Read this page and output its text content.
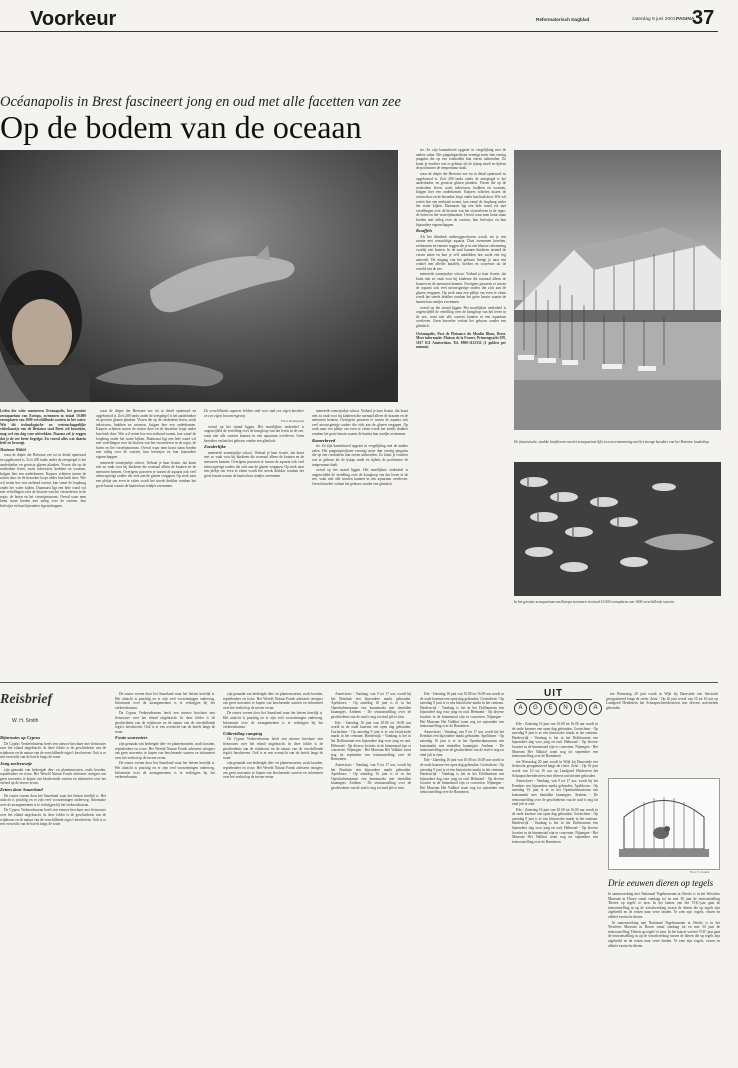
Voorkeur	Reformatorisch Dagblad	zaterdag 9 juni 2001 PAGINA
37
Océanapolis in Brest fascineert jong en oud met alle facetten van zee
Op de bodem van de oceaan

Leden der witte marmeren Océanapolis, het grootste zeeaquarium van Europa, zwemmen in totaal 10.000 exemplaren van 1000 verschillende soorten in het water. Wie dit technologische en wetenschappelijke visitekaartje van de Bretonse stad Brest wil bezoeken, mag wel een dag voor uittrekken. Daarna zal je zeggen dat je de zee beter begrijpt. En vooral alles wat daarin leeft en beweegt.

Marianne Witbiel

waar de diepte der Bretonse zee tot in detail opnieuwd en opgebouwd is. Zo'n 200 tanks onder de zeespiegel is het aardedonker en grootste glazen planken. Vissen die op de rotsbodem leven, zoals inktvissen, krabben en wormen, krijgen hier een onderkomen. Karpers schieten tussen de rotsen door en de bezoeker loopt onder hun buik door. Wie wil weten hoe een zeehond zwemt, kan vanaf de loopbrug onder het water kijken. Daarnaast ligt een hele wand vol met vertellingen over de historie van het vissersleven in de regio, de boten en het visserijmuseum. Overal waar men komt staan borden met uitleg over de soorten, hun leefwijze en hun bijzondere eigenschappen.

waar de diepte der Bretonse zee tot in detail opnieuwd en opgebouwd is. Zo'n 200 tanks onder de zeespiegel is het aardedonker en grootste glazen planken. Vissen die op de rotsbodem leven, zoals inktvissen, krabben en wormen, krijgen hier een onderkomen. Karpers schieten tussen de rotsen door en de bezoeker loopt onder hun buik door. Wie wil weten hoe een zeehond zwemt, kan vanaf de loopbrug onder het water kijken. Daarnaast ligt een hele wand vol met vertellingen over de historie van het vissersleven in de regio, de boten en het visserijmuseum. Overal waar men komt staan borden met uitleg over de soorten, hun leefwijze en hun bijzondere eigenschappen.

meneerde zomerjurkje schoot. Verbaal je haar fixatie, dat komt niet zo vaak voor bij kinderen die normaal alleen de kraaien en de meeuwen kennen. Overigens passeren er tussen de aquaria ook veel nieuwsgierige ouders die zich aan de glazen vergapen. Op zoek naar een plekje om even te zitten wordt het steeds drukker rondom het grote bassin waarin de haaien hun rondjes zwemmen.

De verschillende aquaria hebben stuk voor stuk een eigen karakter en een eigen bewonersgroep.

Foto's Océanopolis

overal op het strand liggen. Het moeilijkste onderdeel is ongetwijfeld de vertelling over de kringloop van het leven in de zee, want niet alle soorten kunnen in een aquarium overleven. Geen bezoeker verlaat het gebouw zonder een glimlach.

Zonderlijke

meneerde zomerjurkje schoot. Verbaal je haar fixatie, dat komt niet zo vaak voor bij kinderen die normaal alleen de kraaien en de meeuwen kennen. Overigens passeren er tussen de aquaria ook veel nieuwsgierige ouders die zich aan de glazen vergapen. Op zoek naar een plekje om even te zitten wordt het steeds drukker rondom het grote bassin waarin de haaien hun rondjes zwemmen.

meneerde zomerjurkje schoot. Verbaal je haar fixatie, dat komt niet zo vaak voor bij kinderen die normaal alleen de kraaien en de meeuwen kennen. Overigens passeren er tussen de aquaria ook veel nieuwsgierige ouders die zich aan de glazen vergapen. Op zoek naar een plekje om even te zitten wordt het steeds drukker rondom het grote bassin waarin de haaien hun rondjes zwemmen.

Kamerbreed

ter. Ze zijn kamerbreed opgezet in vergelijking met de andere zalen. Het pinguïnpaviljoen verenigt meer dan veertig pinguïns die op een rotsbodem hun eieren uitbroeden. Zo komt je erachter wat er gebeurt als de ijskap smelt en tijdens de poolwinter de temperatuur daalt.

overal op het strand liggen. Het moeilijkste onderdeel is ongetwijfeld de vertelling over de kringloop van het leven in de zee, want niet alle soorten kunnen in een aquarium overleven. Geen bezoeker verlaat het gebouw zonder een glimlach.

ter. Ze zijn kamerbreed opgezet in vergelijking met de andere zalen. Het pinguïnpaviljoen verenigt meer dan veertig pinguïns die op een rotsbodem hun eieren uitbroeden. Zo komt je erachter wat er gebeurt als de ijskap smelt en tijdens de poolwinter de temperatuur daalt.

waar de diepte der Bretonse zee tot in detail opnieuwd en opgebouwd is. Zo'n 200 tanks onder de zeespiegel is het aardedonker en grootste glazen planken. Vissen die op de rotsbodem leven, zoals inktvissen, krabben en wormen, krijgen hier een onderkomen. Karpers schieten tussen de rotsen door en de bezoeker loopt onder hun buik door. Wie wil weten hoe een zeehond zwemt, kan vanaf de loopbrug onder het water kijken. Daarnaast ligt een hele wand vol met vertellingen over de historie van het vissersleven in de regio, de boten en het visserijmuseum. Overal waar men komt staan borden met uitleg over de soorten, hun leefwijze en hun bijzondere eigenschappen.

Knuffels

Als het filmdoek omhooggeschoven wordt, zie je een ruimte met reusachtige aquaria. Daar zwemmen kreeften, zeebaarzen en enorme roggen die je in een blauwe schemering voorbij ziet komen. In de zaal kunnen kinderen tastend de vissen aaien en kun je zelf ontdekken hoe zacht een rog aanvoelt. De uitgang van het gebouw brengt je naar een winkel met allerlei knuffels, boeken en souvenirs uit de wereld van de zee.

meneerde zomerjurkje schoot. Verbaal je haar fixatie, dat komt niet zo vaak voor bij kinderen die normaal alleen de kraaien en de meeuwen kennen. Overigens passeren er tussen de aquaria ook veel nieuwsgierige ouders die zich aan de glazen vergapen. Op zoek naar een plekje om even te zitten wordt het steeds drukker rondom het grote bassin waarin de haaien hun rondjes zwemmen.

overal op het strand liggen. Het moeilijkste onderdeel is ongetwijfeld de vertelling over de kringloop van het leven in de zee, want niet alle soorten kunnen in een aquarium overleven. Geen bezoeker verlaat het gebouw zonder een glimlach.

Océanapolis, Port de Plaisance du Moulin Blanc, Brest. Meer informatie: Maison de la France, Prinsengracht 670, 1017 KX Amsterdam. Tel. 0900-1122332 (1 gulden per minuut).

De futuristische, strakke hoofdvorm van het zeeaquarium lijkt in overeenstemming met het strenge karakter van het Bretonse landschap.
In het grootste zeeaquarium van Europa zwemmen in totaal 10.000 exemplaren van 1000 verschillende soorten.
Reisbrief
W. H. Smith
Rijnroutes op Cyprus

De Cyprus Verkeersbureau heeft een nieuwe brochure met fietsroutes over het eiland uitgebracht. In deze folder is de geschiedenis van de wijnbouw en de natuur van de verschillende regio's beschreven. Ook is er een overzicht van de hotels langs de route.

Jong zeeleeuwtje

zijn gemaakt van bedreigde dier- en plantensoorten, zoals koralen, reptielenleer en ivoor. Het Wereld Natuur Fonds adviseert reizigers om geen souvenirs te kopen van beschermde soorten en informeert over het verbod op de invoer ervan.

Zetten door Sauerland

De routes voeren door het Sauerland waar het fietsen heerlijk is. Het uitzicht is prachtig en er zijn veel voorzieningen onderweg. Informatie over de arrangementen is te verkrijgen bij het verkeersbureau.

De Cyprus Verkeersbureau heeft een nieuwe brochure met fietsroutes over het eiland uitgebracht. In deze folder is de geschiedenis van de wijnbouw en de natuur van de verschillende regio's beschreven. Ook is er een overzicht van de hotels langs de route.

De routes voeren door het Sauerland waar het fietsen heerlijk is. Het uitzicht is prachtig en er zijn veel voorzieningen onderweg. Informatie over de arrangementen is te verkrijgen bij het verkeersbureau.

De Cyprus Verkeersbureau heeft een nieuwe brochure met fietsroutes over het eiland uitgebracht. In deze folder is de geschiedenis van de wijnbouw en de natuur van de verschillende regio's beschreven. Ook is er een overzicht van de hotels langs de route.

Foute souveniers

zijn gemaakt van bedreigde dier- en plantensoorten, zoals koralen, reptielenleer en ivoor. Het Wereld Natuur Fonds adviseert reizigers om geen souvenirs te kopen van beschermde soorten en informeert over het verbod op de invoer ervan.

De routes voeren door het Sauerland waar het fietsen heerlijk is. Het uitzicht is prachtig en er zijn veel voorzieningen onderweg. Informatie over de arrangementen is te verkrijgen bij het verkeersbureau.

zijn gemaakt van bedreigde dier- en plantensoorten, zoals koralen, reptielenleer en ivoor. Het Wereld Natuur Fonds adviseert reizigers om geen souvenirs te kopen van beschermde soorten en informeert over het verbod op de invoer ervan.

De routes voeren door het Sauerland waar het fietsen heerlijk is. Het uitzicht is prachtig en er zijn veel voorzieningen onderweg. Informatie over de arrangementen is te verkrijgen bij het verkeersbureau.

Uitbreiding camping

De Cyprus Verkeersbureau heeft een nieuwe brochure met fietsroutes over het eiland uitgebracht. In deze folder is de geschiedenis van de wijnbouw en de natuur van de verschillende regio's beschreven. Ook is er een overzicht van de hotels langs de route.

zijn gemaakt van bedreigde dier- en plantensoorten, zoals koralen, reptielenleer en ivoor. Het Wereld Natuur Fonds adviseert reizigers om geen souvenirs te kopen van beschermde soorten en informeert over het verbod op de invoer ervan.

Amersfoort - Vandaag, van 9 tot 17 uur, wordt bij het Eemhuis een bijzondere markt gehouden. Apeldoorn - Op zaterdag 16 juni is er in het Openluchtmuseum een kunstmarkt met tientallen kraampjes. Arnhem - De tentoonstelling over de geschiedenis van de stad is nog tot eind juli te zien.

Ede - Zaterdag 16 juni van 10.00 tot 16.00 uur wordt in de oude kazerne een open dag gehouden. Gorinchem - Op zaterdag 9 juni is er een historische markt in het centrum. Harderwijk - Vandaag is het in het Dolfinarium een bijzondere dag voor jong en oud. Helmond - Op diverse locaties in de binnenstad zijn er concerten. Nijmegen - Het Museum Het Valkhof toont nog tot september een tentoonstelling over de Romeinen.

Amersfoort - Vandaag, van 9 tot 17 uur, wordt bij het Eemhuis een bijzondere markt gehouden. Apeldoorn - Op zaterdag 16 juni is er in het Openluchtmuseum een kunstmarkt met tientallen kraampjes. Arnhem - De tentoonstelling over de geschiedenis van de stad is nog tot eind juli te zien.

UIT
A	G	E	N	D	A

Ede - Zaterdag 16 juni van 10.00 tot 16.00 uur wordt in de oude kazerne een open dag gehouden. Gorinchem - Op zaterdag 9 juni is er een historische markt in het centrum. Harderwijk - Vandaag is het in het Dolfinarium een bijzondere dag voor jong en oud. Helmond - Op diverse locaties in de binnenstad zijn er concerten. Nijmegen - Het Museum Het Valkhof toont nog tot september een tentoonstelling over de Romeinen.

Amersfoort - Vandaag, van 9 tot 17 uur, wordt bij het Eemhuis een bijzondere markt gehouden. Apeldoorn - Op zaterdag 16 juni is er in het Openluchtmuseum een kunstmarkt met tientallen kraampjes. Arnhem - De tentoonstelling over de geschiedenis van de stad is nog tot eind juli te zien.

Ede - Zaterdag 16 juni van 10.00 tot 16.00 uur wordt in de oude kazerne een open dag gehouden. Gorinchem - Op zaterdag 9 juni is er een historische markt in het centrum. Harderwijk - Vandaag is het in het Dolfinarium een bijzondere dag voor jong en oud. Helmond - Op diverse locaties in de binnenstad zijn er concerten. Nijmegen - Het Museum Het Valkhof toont nog tot september een tentoonstelling over de Romeinen.

Ede - Zaterdag 16 juni van 10.00 tot 16.00 uur wordt in de oude kazerne een open dag gehouden. Gorinchem - Op zaterdag 9 juni is er een historische markt in het centrum. Harderwijk - Vandaag is het in het Dolfinarium een bijzondere dag voor jong en oud. Helmond - Op diverse locaties in de binnenstad zijn er concerten. Nijmegen - Het Museum Het Valkhof toont nog tot september een tentoonstelling over de Romeinen.

ten Woensdag 20 juni wordt in Wijk bij Duurstede een fietstocht georganiseerd langs de rivier. Zeist - Op 16 juni wordt van 10 tot 16 uur op Landgoed Heidestein het Schaapsscheerdersfeest met diverse activiteiten gehouden.

Amersfoort - Vandaag, van 9 tot 17 uur, wordt bij het Eemhuis een bijzondere markt gehouden. Apeldoorn - Op zaterdag 16 juni is er in het Openluchtmuseum een kunstmarkt met tientallen kraampjes. Arnhem - De tentoonstelling over de geschiedenis van de stad is nog tot eind juli te zien.

Ede - Zaterdag 16 juni van 10.00 tot 16.00 uur wordt in de oude kazerne een open dag gehouden. Gorinchem - Op zaterdag 9 juni is er een historische markt in het centrum. Harderwijk - Vandaag is het in het Dolfinarium een bijzondere dag voor jong en oud. Helmond - Op diverse locaties in de binnenstad zijn er concerten. Nijmegen - Het Museum Het Valkhof toont nog tot september een tentoonstelling over de Romeinen.

ten Woensdag 20 juni wordt in Wijk bij Duurstede een fietstocht georganiseerd langs de rivier. Zeist - Op 16 juni wordt van 10 tot 16 uur op Landgoed Heidestein het Schaapsscheerdersfeest met diverse activiteiten gehouden.

Foto: V. Joosten
Drie eeuwen dieren op tegels

In samenwerking met Nationaal Tegelmuseum in Otterlo is in het Westfries Museum in Hoorn vanaf vandaag tot en met 30 juni de tentoonstelling 'Dieren op tegels' te zien. In het laatste van het VOC-jaar gaat de tentoonstelling in op de wisselwerking tussen de dieren die op tegels zijn afgebeeld en de reizen naar verre landen. Te zien zijn vogels, vissen en allerlei exotische dieren.

In samenwerking met Nationaal Tegelmuseum in Otterlo is in het Westfries Museum in Hoorn vanaf vandaag tot en met 30 juni de tentoonstelling 'Dieren op tegels' te zien. In het laatste van het VOC-jaar gaat de tentoonstelling in op de wisselwerking tussen de dieren die op tegels zijn afgebeeld en de reizen naar verre landen. Te zien zijn vogels, vissen en allerlei exotische dieren.
